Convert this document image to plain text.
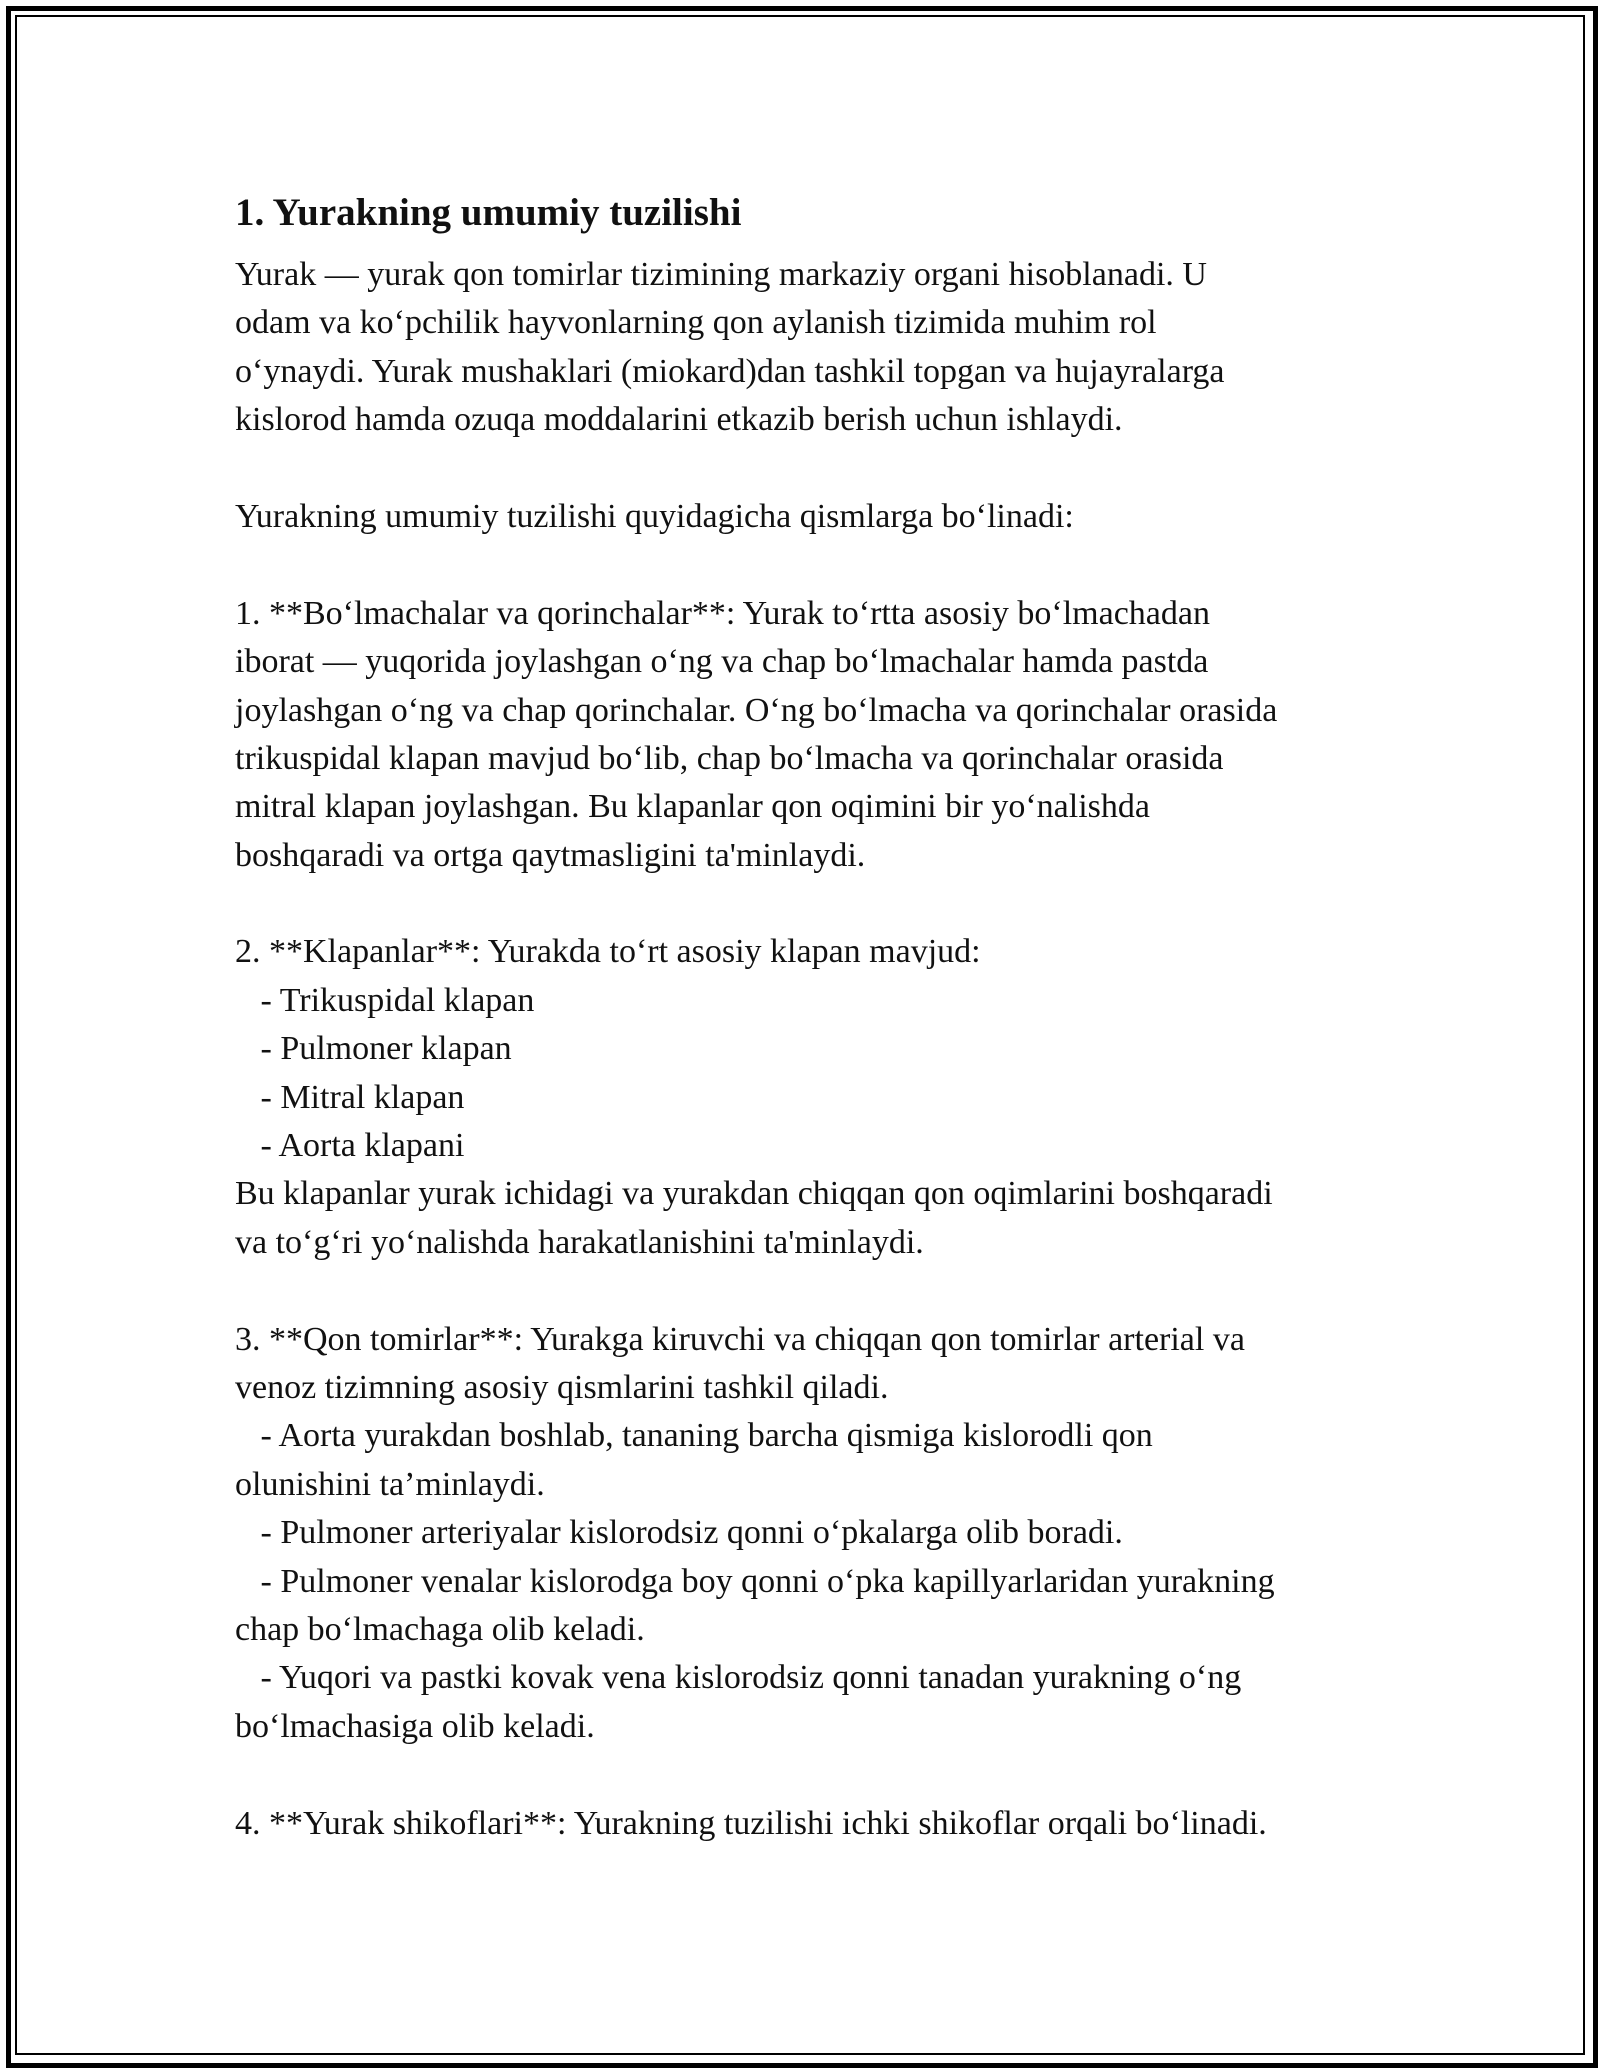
1. Yurakning umumiy tuzilishi
Yurak — yurak qon tomirlar tizimining markaziy organi hisoblanadi. U
odam va koʻpchilik hayvonlarning qon aylanish tizimida muhim rol
oʻynaydi. Yurak mushaklari (miokard)dan tashkil topgan va hujayralarga
kislorod hamda ozuqa moddalarini etkazib berish uchun ishlaydi.
Yurakning umumiy tuzilishi quyidagicha qismlarga boʻlinadi:
1. **Boʻlmachalar va qorinchalar**: Yurak toʻrtta asosiy boʻlmachadan
iborat — yuqorida joylashgan oʻng va chap boʻlmachalar hamda pastda
joylashgan oʻng va chap qorinchalar. Oʻng boʻlmacha va qorinchalar orasida
trikuspidal klapan mavjud boʻlib, chap boʻlmacha va qorinchalar orasida
mitral klapan joylashgan. Bu klapanlar qon oqimini bir yoʻnalishda
boshqaradi va ortga qaytmasligini ta'minlaydi.
2. **Klapanlar**: Yurakda toʻrt asosiy klapan mavjud:
- Trikuspidal klapan
- Pulmoner klapan
- Mitral klapan
- Aorta klapani
Bu klapanlar yurak ichidagi va yurakdan chiqqan qon oqimlarini boshqaradi
va toʻgʻri yoʻnalishda harakatlanishini ta'minlaydi.
3. **Qon tomirlar**: Yurakga kiruvchi va chiqqan qon tomirlar arterial va
venoz tizimning asosiy qismlarini tashkil qiladi.
- Aorta yurakdan boshlab, tananing barcha qismiga kislorodli qon
olunishini ta’minlaydi.
- Pulmoner arteriyalar kislorodsiz qonni oʻpkalarga olib boradi.
- Pulmoner venalar kislorodga boy qonni oʻpka kapillyarlaridan yurakning
chap boʻlmachaga olib keladi.
- Yuqori va pastki kovak vena kislorodsiz qonni tanadan yurakning oʻng
boʻlmachasiga olib keladi.
4. **Yurak shikoflari**: Yurakning tuzilishi ichki shikoflar orqali boʻlinadi.
